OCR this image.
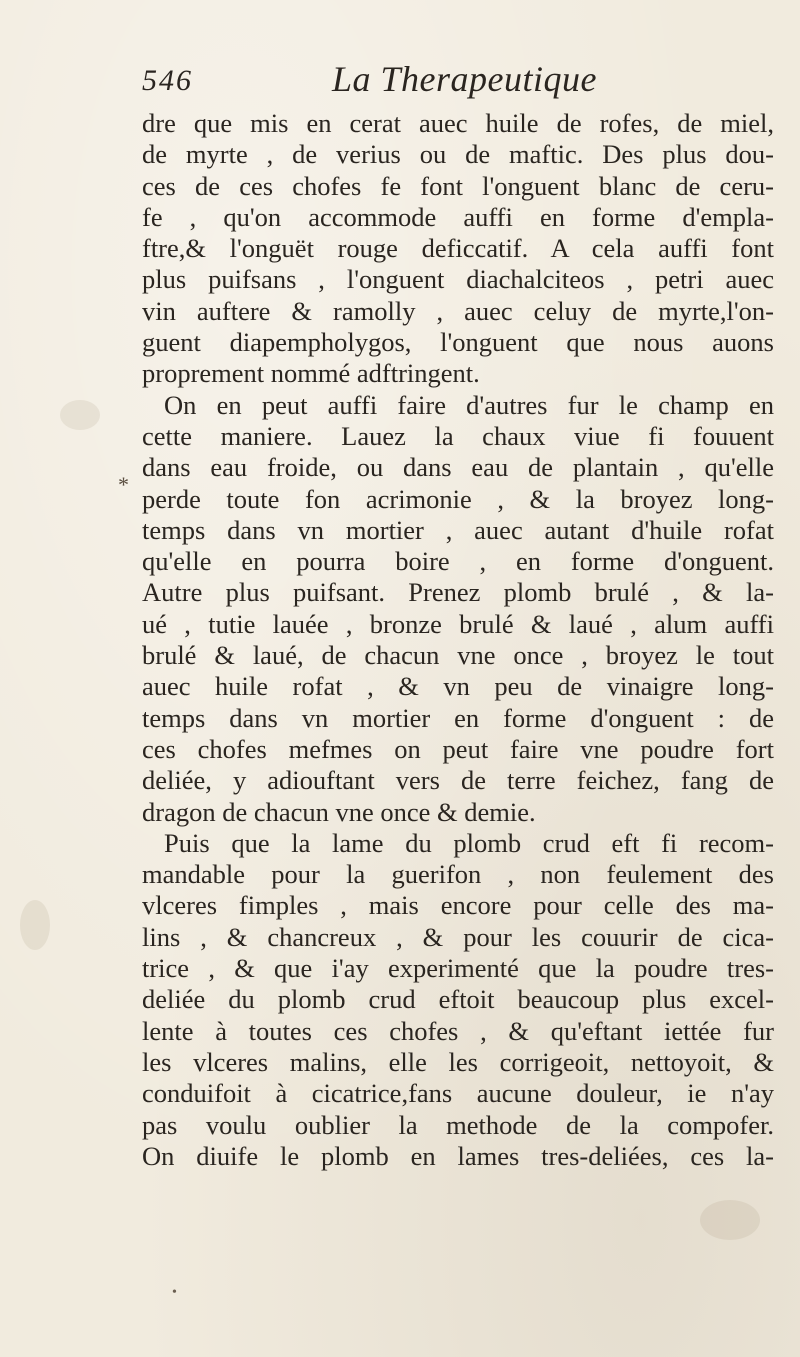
546	La Therapeutique
*
dre que mis en cerat auec huile de rofes, de miel,
de myrte , de verius ou de maftic. Des plus dou-
ces de ces chofes fe font l'onguent blanc de ceru-
fe , qu'on accommode auffi en forme d'empla-
ftre,& l'onguët rouge deficcatif. A cela auffi font
plus puifsans , l'onguent diachalciteos , petri auec
vin auftere & ramolly , auec celuy de myrte,l'on-
guent diapempholygos, l'onguent que nous auons
proprement nommé adftringent.
On en peut auffi faire d'autres fur le champ en
cette maniere. Lauez la chaux viue fi fouuent
dans eau froide, ou dans eau de plantain , qu'elle
perde toute fon acrimonie , & la broyez long-
temps dans vn mortier , auec autant d'huile rofat
qu'elle en pourra boire , en forme d'onguent.
Autre plus puifsant. Prenez plomb brulé , & la-
ué , tutie lauée , bronze brulé & laué , alum auffi
brulé & laué, de chacun vne once , broyez le tout
auec huile rofat , & vn peu de vinaigre long-
temps dans vn mortier en forme d'onguent : de
ces chofes mefmes on peut faire vne poudre fort
deliée, y adiouftant vers de terre feichez, fang de
dragon de chacun vne once & demie.
Puis que la lame du plomb crud eft fi recom-
mandable pour la guerifon , non feulement des
vlceres fimples , mais encore pour celle des ma-
lins , & chancreux , & pour les couurir de cica-
trice , & que i'ay experimenté que la poudre tres-
deliée du plomb crud eftoit beaucoup plus excel-
lente à toutes ces chofes , & qu'eftant iettée fur
les vlceres malins, elle les corrigeoit, nettoyoit, &
conduifoit à cicatrice,fans aucune douleur, ie n'ay
pas voulu oublier la methode de la compofer.
On diuife le plomb en lames tres-deliées, ces la-
•
